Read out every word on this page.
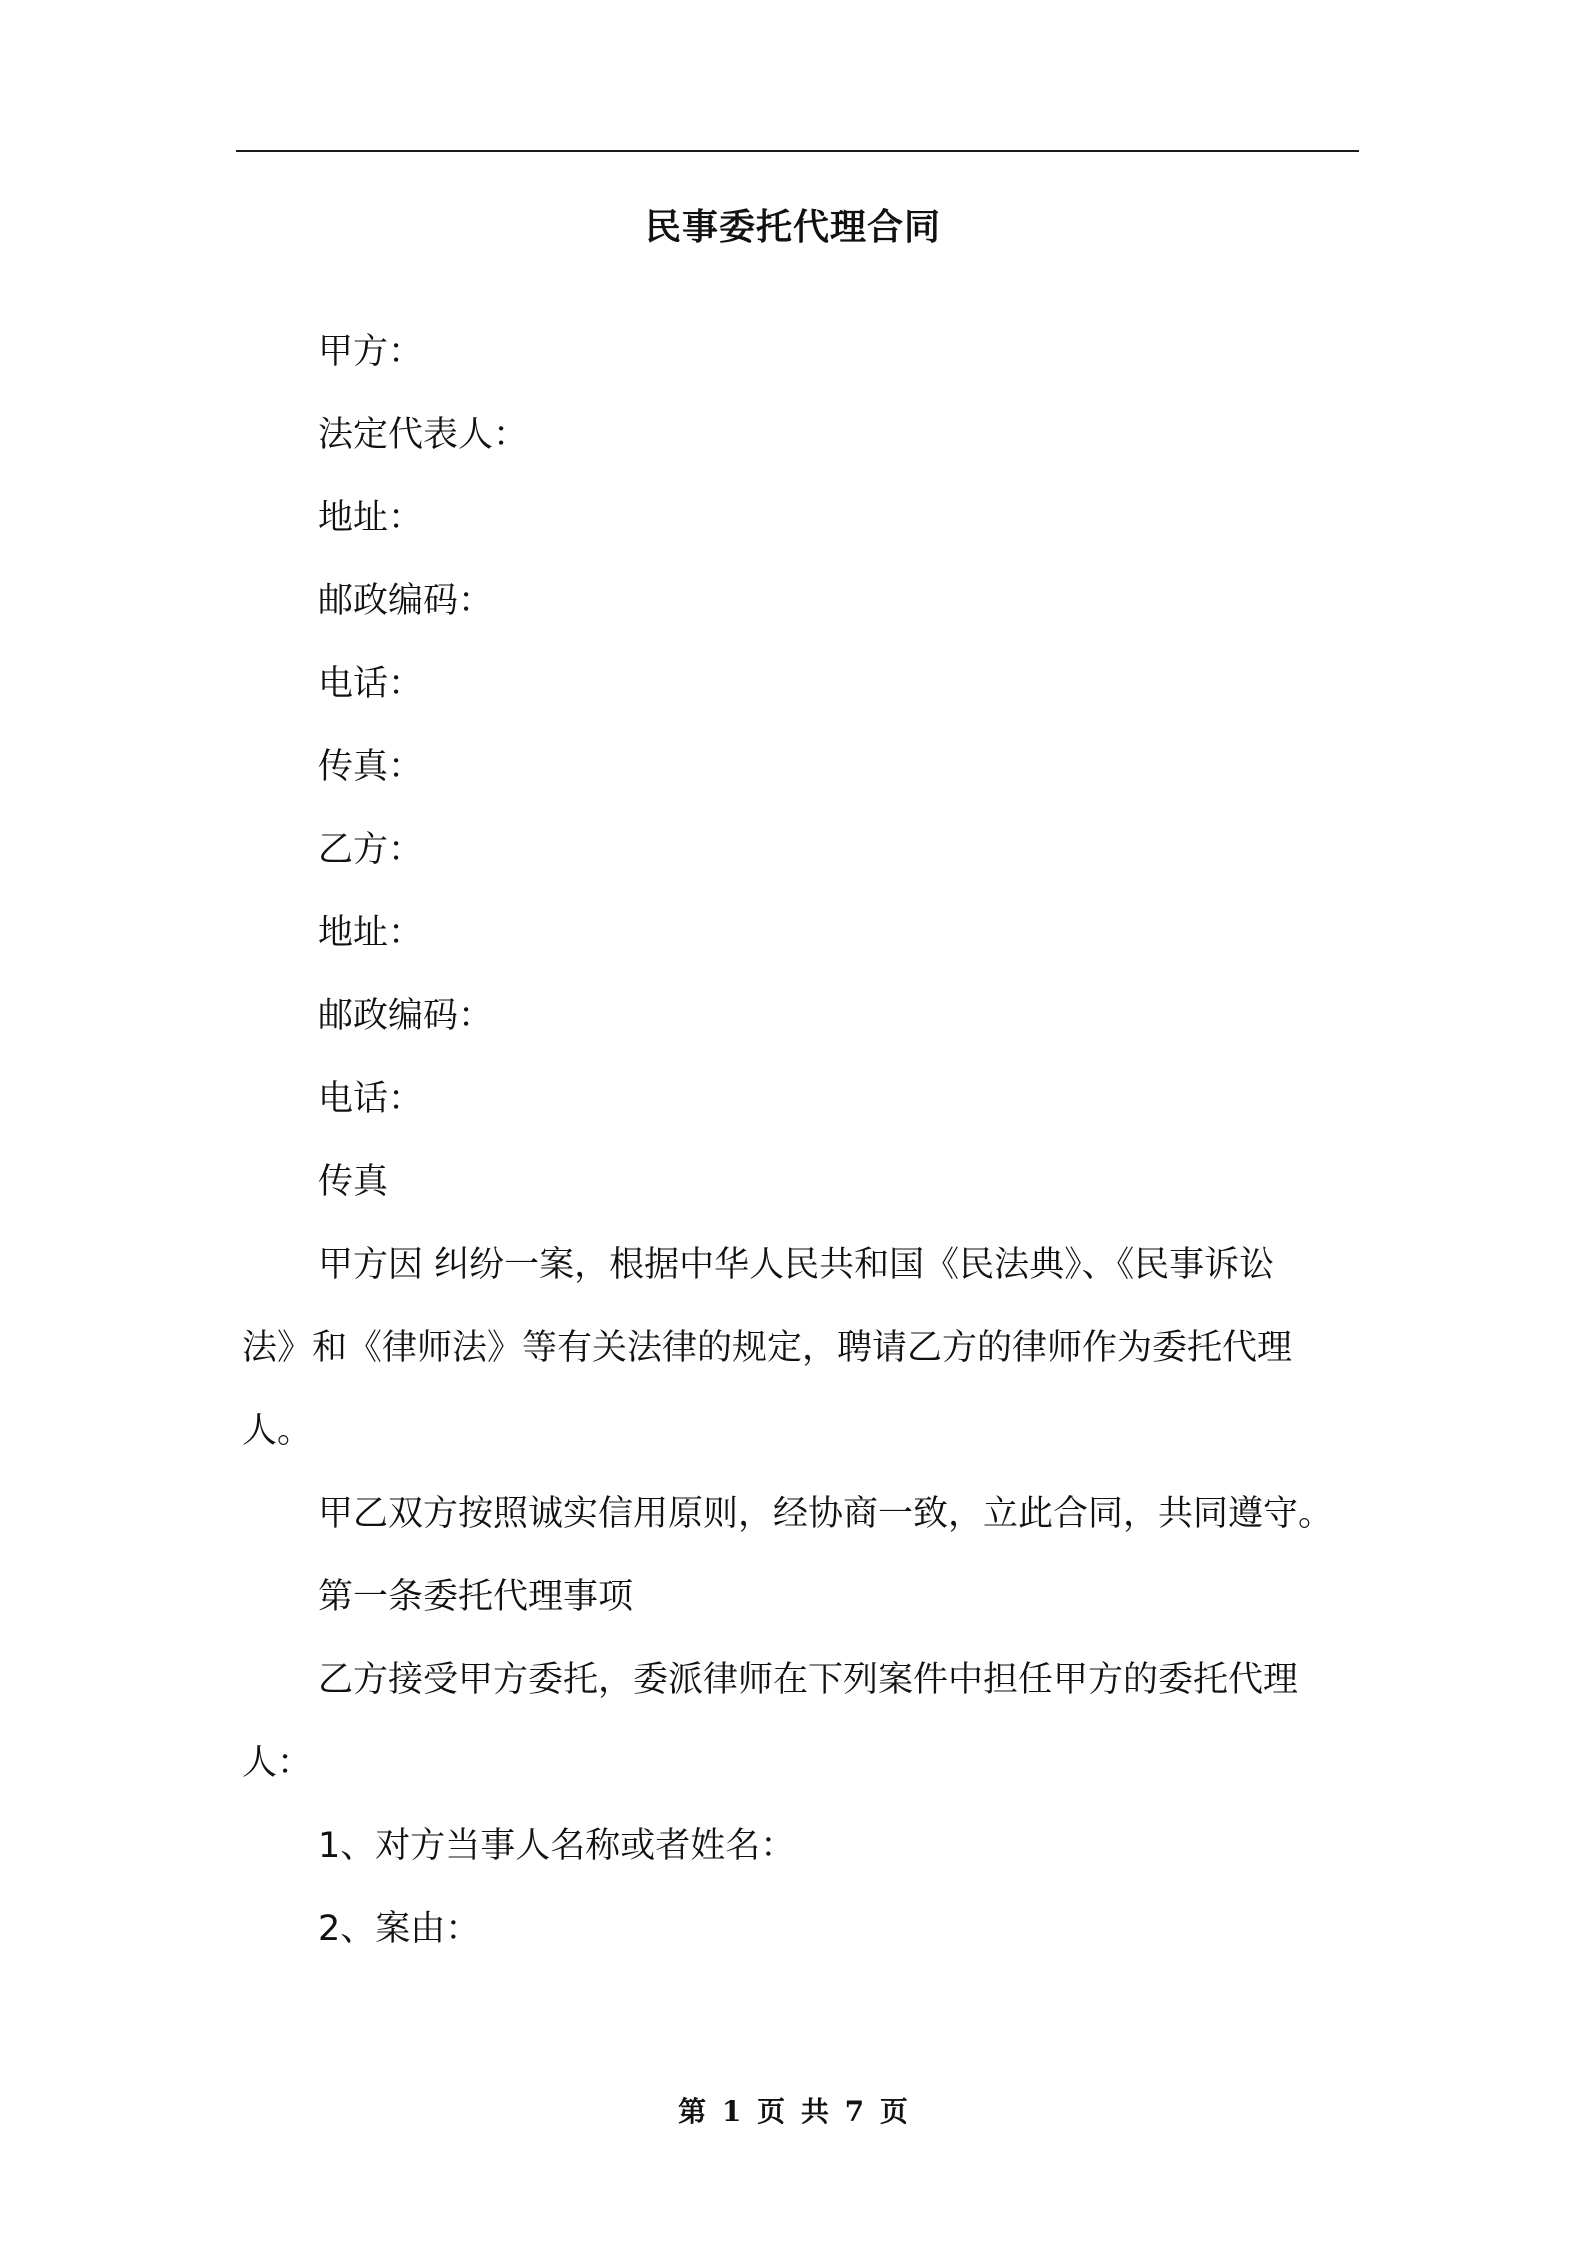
民事委托代理合同
甲方：
法定代表人：
地址：
邮政编码：
电话：
传真：
乙方：
地址：
邮政编码：
电话：
传真
甲方因 纠纷一案，根据中华人民共和国《民法典》、《民事诉讼
法》和《律师法》等有关法律的规定，聘请乙方的律师作为委托代理
人。
甲乙双方按照诚实信用原则，经协商一致，立此合同，共同遵守。
第一条委托代理事项
乙方接受甲方委托，委派律师在下列案件中担任甲方的委托代理
人：
1、对方当事人名称或者姓名：
2、案由：
第 1 页 共 7 页
